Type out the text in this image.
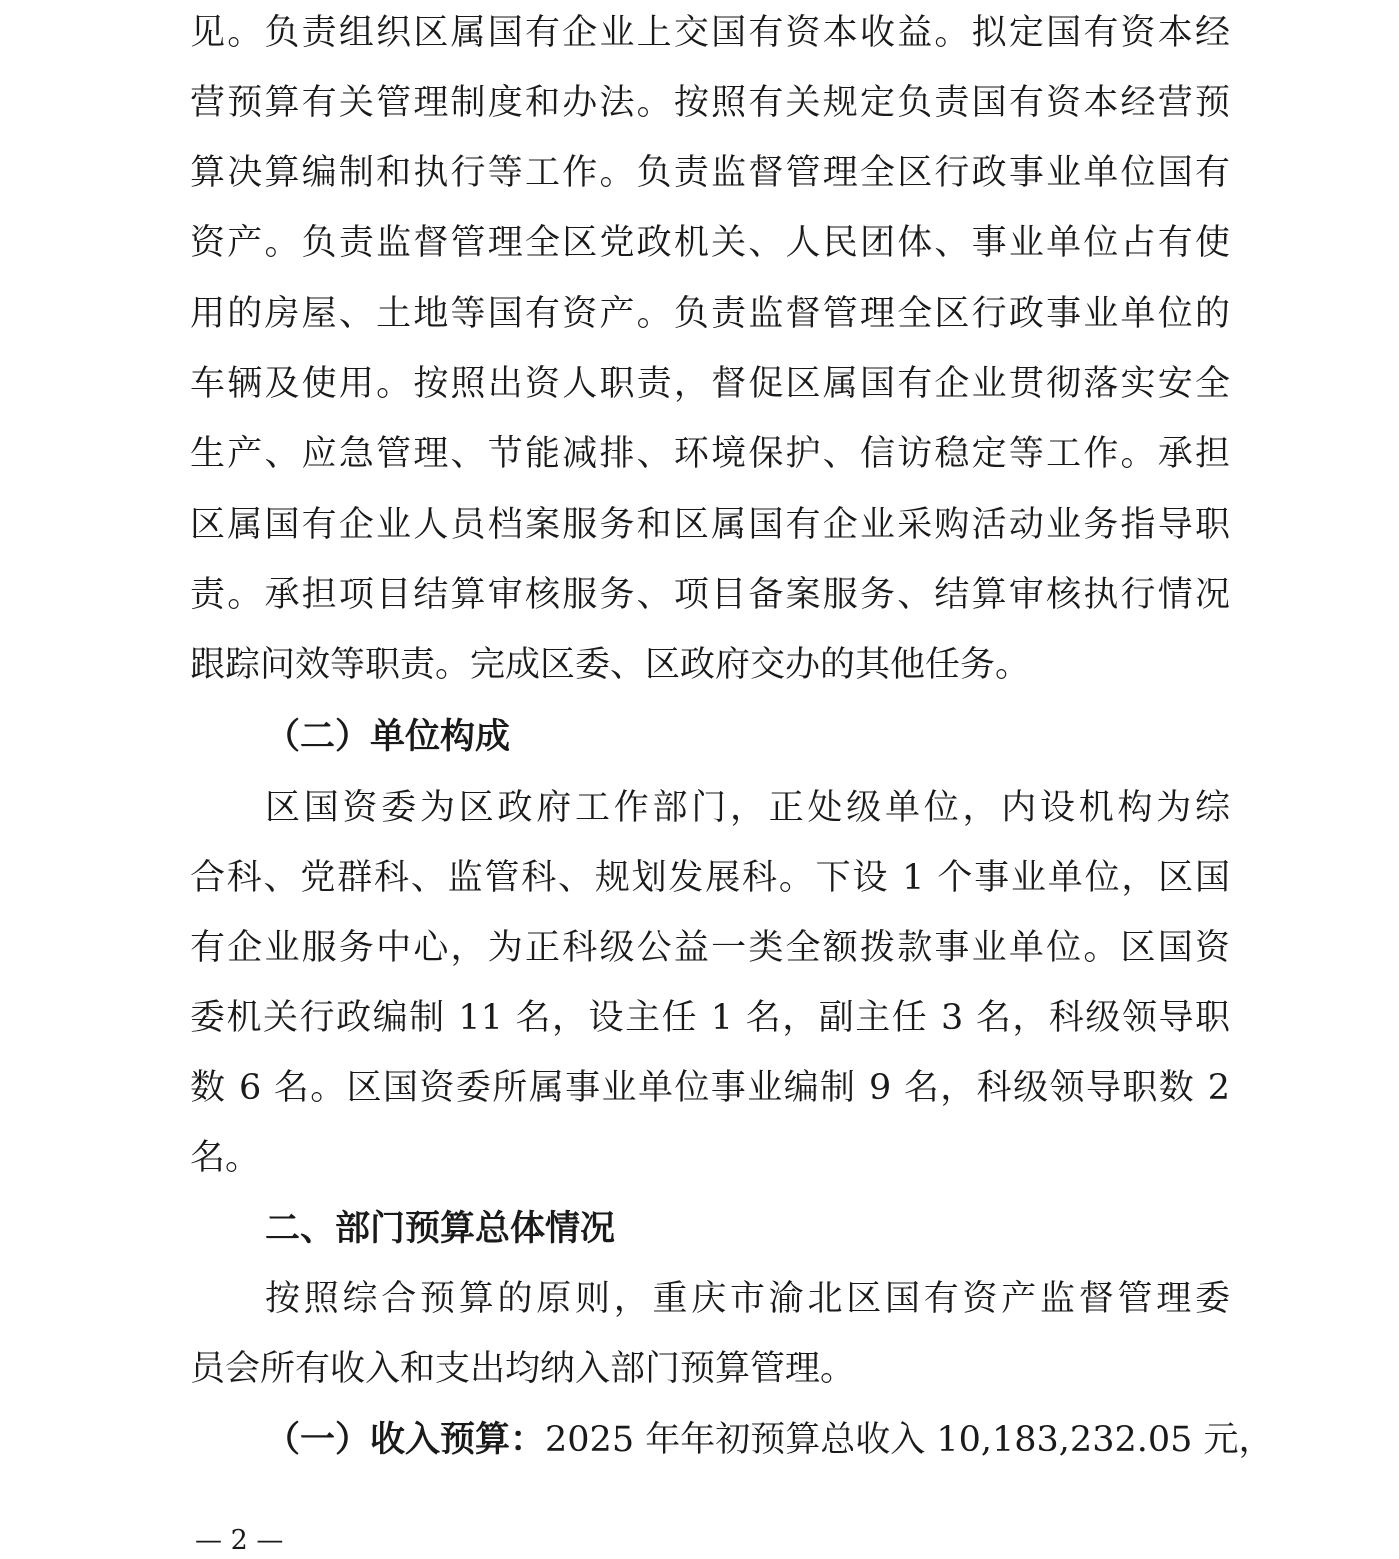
见。负责组织区属国有企业上交国有资本收益。拟定国有资本经
营预算有关管理制度和办法。按照有关规定负责国有资本经营预
算决算编制和执行等工作。负责监督管理全区行政事业单位国有
资产。负责监督管理全区党政机关、人民团体、事业单位占有使
用的房屋、土地等国有资产。负责监督管理全区行政事业单位的
车辆及使用。按照出资人职责，督促区属国有企业贯彻落实安全
生产、应急管理、节能减排、环境保护、信访稳定等工作。承担
区属国有企业人员档案服务和区属国有企业采购活动业务指导职
责。承担项目结算审核服务、项目备案服务、结算审核执行情况
跟踪问效等职责。完成区委、区政府交办的其他任务。
（二）单位构成
区国资委为区政府工作部门，正处级单位，内设机构为综
合科、党群科、监管科、规划发展科。下设 1 个事业单位，区国
有企业服务中心，为正科级公益一类全额拨款事业单位。区国资
委机关行政编制 11 名，设主任 1 名，副主任 3 名，科级领导职
数 6 名。区国资委所属事业单位事业编制 9 名，科级领导职数 2
名。
二、部门预算总体情况
按照综合预算的原则，重庆市渝北区国有资产监督管理委
员会所有收入和支出均纳入部门预算管理。
（一）收入预算： 2025 年年初预算总收入 10,183,232.05 元，
— 2 —
